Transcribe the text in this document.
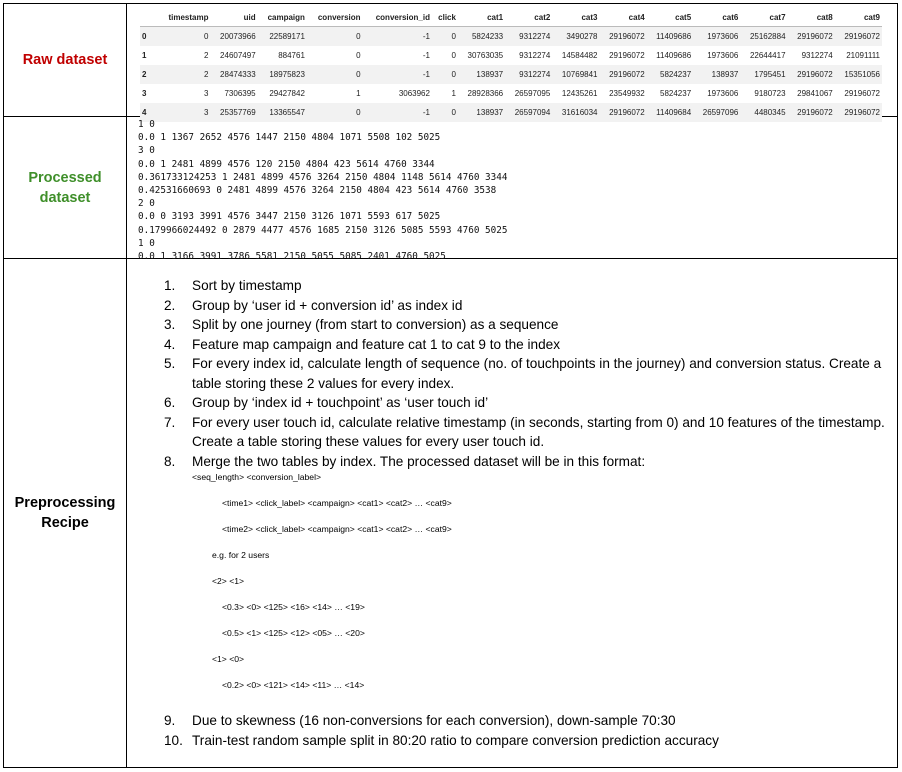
Raw dataset
Processed
dataset
Preprocessing
Recipe
	timestamp	uid	campaign	conversion	conversion_id	click	cat1	cat2	cat3	cat4	cat5	cat6	cat7	cat8	cat9
0	0	20073966	22589171	0	-1	0	5824233	9312274	3490278	29196072	11409686	1973606	25162884	29196072	29196072
1	2	24607497	884761	0	-1	0	30763035	9312274	14584482	29196072	11409686	1973606	22644417	9312274	21091111
2	2	28474333	18975823	0	-1	0	138937	9312274	10769841	29196072	5824237	138937	1795451	29196072	15351056
3	3	7306395	29427842	1	3063962	1	28928366	26597095	12435261	23549932	5824237	1973606	9180723	29841067	29196072
4	3	25357769	13365547	0	-1	0	138937	26597094	31616034	29196072	11409684	26597096	4480345	29196072	29196072
1 0
0.0 1 1367 2652 4576 1447 2150 4804 1071 5508 102 5025
3 0
0.0 1 2481 4899 4576 120 2150 4804 423 5614 4760 3344
0.361733124253 1 2481 4899 4576 3264 2150 4804 1148 5614 4760 3344
0.42531660693 0 2481 4899 4576 3264 2150 4804 423 5614 4760 3538
2 0
0.0 0 3193 3991 4576 3447 2150 3126 1071 5593 617 5025
0.179966024492 0 2879 4477 4576 1685 2150 3126 5085 5593 4760 5025
1 0
0.0 1 3166 3991 3786 5581 2150 5055 5085 2401 4760 5025
1.	Sort by timestamp
2.	Group by ‘user id + conversion id’ as index id
3.	Split by one journey (from start to conversion) as a sequence
4.	Feature map campaign and feature cat 1 to cat 9 to the index
5.	For every index id, calculate length of sequence (no. of touchpoints in the journey) and conversion status. Create a table storing these 2 values for every index.
6.	Group by ‘index id + touchpoint’ as ‘user touch id’
7.	For every user touch id, calculate relative timestamp (in seconds, starting from 0) and 10 features of the timestamp. Create a table storing these values for every user touch id.
8.	Merge the two tables by index. The processed dataset will be in this format:
<seq_length> <conversion_label>
<time1> <click_label> <campaign> <cat1> <cat2> … <cat9>
<time2> <click_label> <campaign> <cat1> <cat2> … <cat9>
e.g. for 2 users
<2> <1>
<0.3> <0> <125> <16> <14> … <19>
<0.5> <1> <125> <12> <05> … <20>
<1> <0>
<0.2> <0> <121> <14> <11> … <14>
9.	Due to skewness (16 non-conversions for each conversion), down-sample 70:30
10. Train-test random sample split in 80:20 ratio to compare conversion prediction accuracy
